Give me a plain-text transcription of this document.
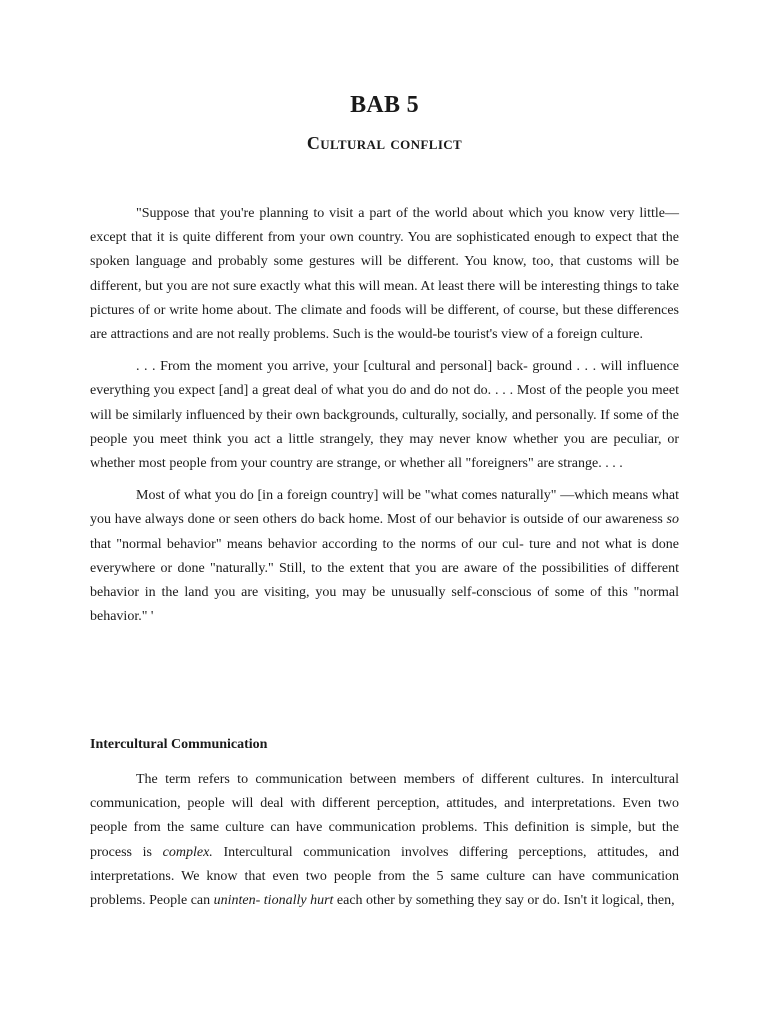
BAB 5
Cultural conflict

"Suppose that you're planning to visit a part of the world about which you know very little—except that it is quite different from your own country. You are sophisticated enough to expect that the spoken language and probably some gestures will be different. You know, too, that customs will be different, but you are not sure exactly what this will mean. At least there will be interesting things to take pictures of or write home about. The climate and foods will be different, of course, but these differences are attractions and are not really problems. Such is the would-be tourist's view of a foreign culture.

. . . From the moment you arrive, your [cultural and personal] back- ground . . . will influence everything you expect [and] a great deal of what you do and do not do. . . . Most of the people you meet will be similarly influenced by their own backgrounds, culturally, socially, and personally. If some of the people you meet think you act a little strangely, they may never know whether you are peculiar, or whether most people from your country are strange, or whether all "foreigners" are strange. . . .

Most of what you do [in a foreign country] will be "what comes naturally" —which means what you have always done or seen others do back home. Most of our behavior is outside of our awareness so that "normal behavior" means behavior according to the norms of our cul- ture and not what is done everywhere or done "naturally." Still, to the extent that you are aware of the possibilities of different behavior in the land you are visiting, you may be unusually self-conscious of some of this "normal behavior." '

Intercultural Communication

The term refers to communication between members of different cultures. In intercultural communication, people will deal with different perception, attitudes, and interpretations. Even two people from the same culture can have communication problems. This definition is simple, but the process is complex. Intercultural communication involves differing perceptions, attitudes, and interpretations. We know that even two people from the 5 same culture can have communication problems. People can uninten- tionally hurt each other by something they say or do. Isn't it logical, then,
